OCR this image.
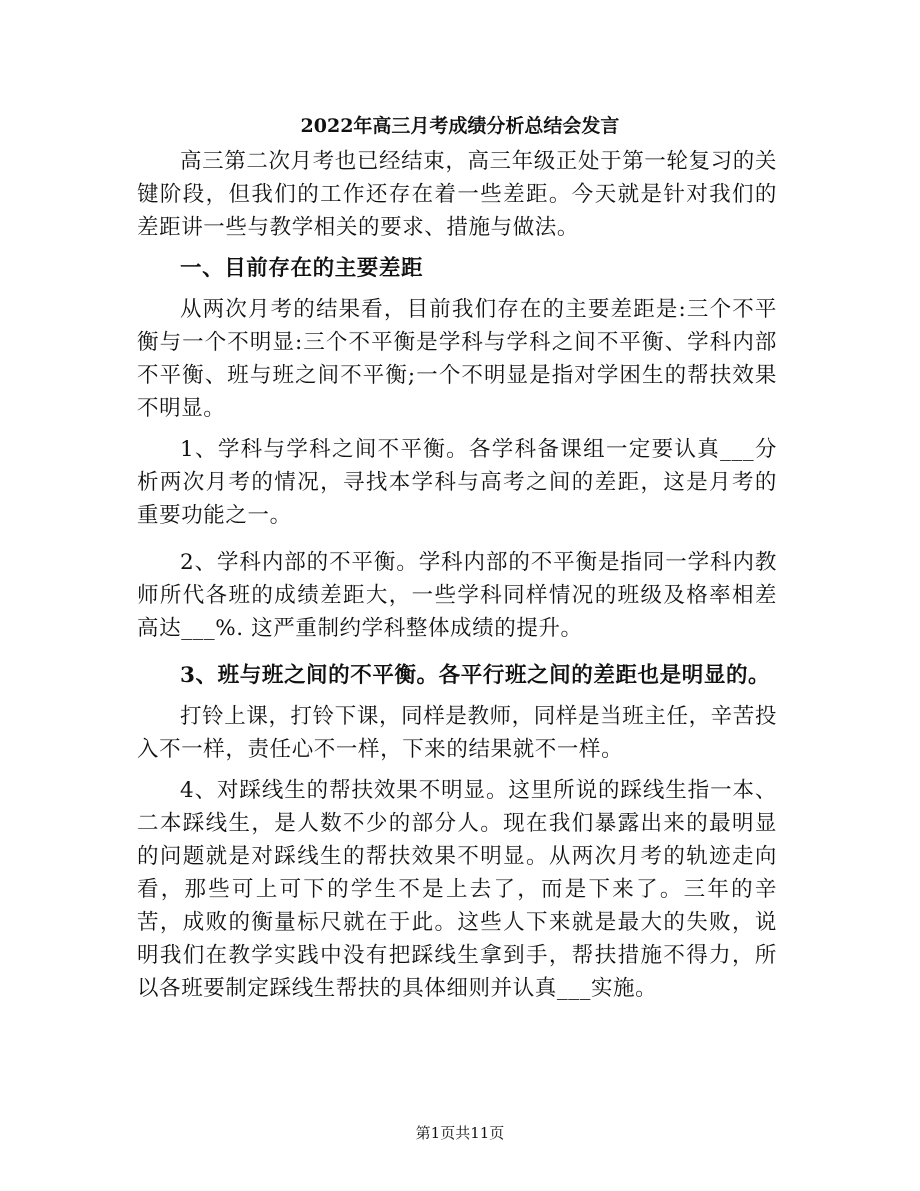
2022年高三月考成绩分析总结会发言

高三第二次月考也已经结束，高三年级正处于第一轮复习的关键阶段，但我们的工作还存在着一些差距。今天就是针对我们的差距讲一些与教学相关的要求、措施与做法。

一、目前存在的主要差距

从两次月考的结果看，目前我们存在的主要差距是:三个不平衡与一个不明显:三个不平衡是学科与学科之间不平衡、学科内部不平衡、班与班之间不平衡;一个不明显是指对学困生的帮扶效果不明显。

1、学科与学科之间不平衡。各学科备课组一定要认真___分析两次月考的情况，寻找本学科与高考之间的差距，这是月考的重要功能之一。

2、学科内部的不平衡。学科内部的不平衡是指同一学科内教师所代各班的成绩差距大，一些学科同样情况的班级及格率相差高达___%. 这严重制约学科整体成绩的提升。

3、班与班之间的不平衡。各平行班之间的差距也是明显的。

打铃上课，打铃下课，同样是教师，同样是当班主任，辛苦投入不一样，责任心不一样，下来的结果就不一样。

4、对踩线生的帮扶效果不明显。这里所说的踩线生指一本、二本踩线生，是人数不少的部分人。现在我们暴露出来的最明显的问题就是对踩线生的帮扶效果不明显。从两次月考的轨迹走向看，那些可上可下的学生不是上去了，而是下来了。三年的辛苦，成败的衡量标尺就在于此。这些人下来就是最大的失败，说明我们在教学实践中没有把踩线生拿到手，帮扶措施不得力，所以各班要制定踩线生帮扶的具体细则并认真___实施。

第1页共11页
